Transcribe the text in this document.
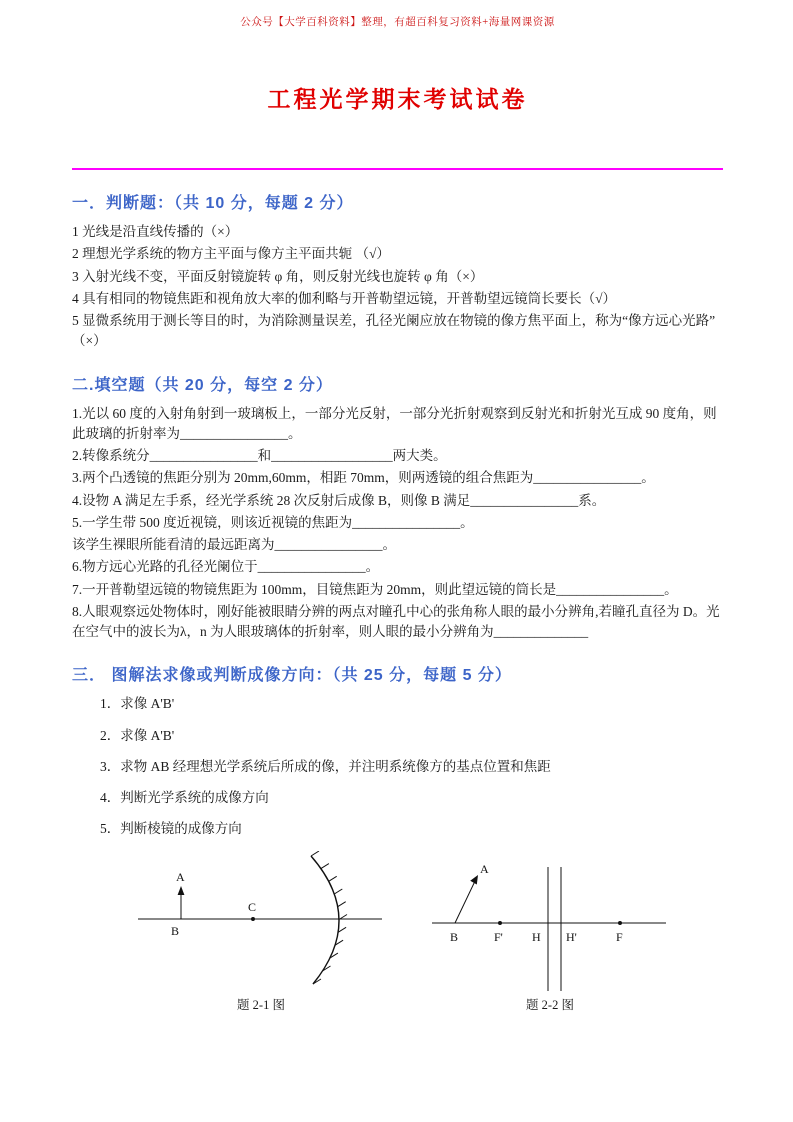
公众号【大学百科资料】整理，有超百科复习资料+海量网课资源
工程光学期末考试试卷
一．判断题：（共 10 分，每题 2 分）

1 光线是沿直线传播的（×）

2 理想光学系统的物方主平面与像方主平面共轭 （√）

3 入射光线不变，平面反射镜旋转 φ 角，则反射光线也旋转 φ 角（×）

4 具有相同的物镜焦距和视角放大率的伽利略与开普勒望远镜，开普勒望远镜筒长要长（√）

5 显微系统用于测长等目的时，为消除测量误差，孔径光阑应放在物镜的像方焦平面上，称为“像方远心光路” （×）

二.填空题（共 20 分，每空 2 分）

1.光以 60 度的入射角射到一玻璃板上，一部分光反射，一部分光折射观察到反射光和折射光互成 90 度角，则此玻璃的折射率为________________。

2.转像系统分________________和__________________两大类。

3.两个凸透镜的焦距分别为 20mm,60mm，相距 70mm，则两透镜的组合焦距为________________。

4.设物 A 满足左手系，经光学系统 28 次反射后成像 B，则像 B 满足________________系。

5.一学生带 500 度近视镜，则该近视镜的焦距为________________。

该学生裸眼所能看清的最远距离为________________。

6.物方远心光路的孔径光阑位于________________。

7.一开普勒望远镜的物镜焦距为 100mm，目镜焦距为 20mm，则此望远镜的筒长是________________。

8.人眼观察远处物体时，刚好能被眼睛分辨的两点对瞳孔中心的张角称人眼的最小分辨角,若瞳孔直径为 D。光在空气中的波长为λ，n 为人眼玻璃体的折射率，则人眼的最小分辨角为______________

三． 图解法求像或判断成像方向：（共 25 分，每题 5 分）

1．求像 A'B'

2．求像 A'B'

3．求物 AB 经理想光学系统后所成的像，并注明系统像方的基点位置和焦距

4．判断光学系统的成像方向

5．判断棱镜的成像方向

A
B
C
题 2-1 图
A
B	F' H H'	F
题 2-2 图
